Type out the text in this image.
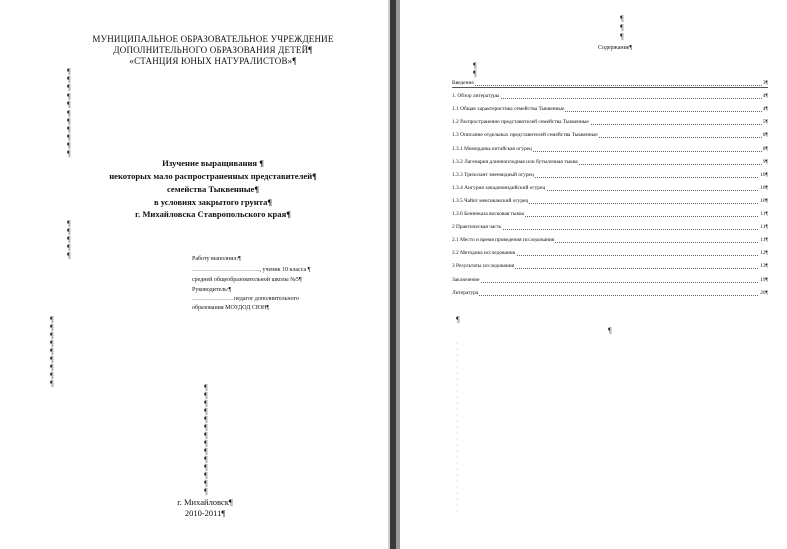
МУНИЦИПАЛЬНОЕ ОБРАЗОВАТЕЛЬНОЕ УЧРЕЖДЕНИЕ
ДОПОЛНИТЕЛЬНОГО ОБРАЗОВАНИЯ ДЕТЕЙ¶
«СТАНЦИЯ ЮНЫХ НАТУРАЛИСТОВ»¶
Изучение выращивания ¶
некоторых мало распространенных представителей¶
семейства Тыквенные¶
в условиях закрытого грунта¶
г. Михайловска Ставропольского края¶
Работу выполнил:¶
……………………………., ученик 10 класса ¶
средней общеобразовательной школы №5¶
Руководитель:¶
…………………педагог дополнительного
образования МОУДОД СЮН¶
г. Михайловск¶
2010-2011¶
¶
¶
¶
¶
¶
¶
¶
¶
¶
¶
¶
¶
¶
¶
¶
¶
¶
¶
¶
¶
¶
¶
¶
¶
¶	¶
¶
¶
¶
¶
¶
¶
¶
¶
¶
¶
¶
¶
¶
¶
¶
¶
Содержание¶
¶
¶
¶
¶
·
·
·
·
·
·
·
·
·
·
·
·
·
·
·
·
·
·
·
·
·
·
·
·
·
·
·
·
·
Введение	3¶
1. Обзор литературы	4¶
1.1 Общая характеристика семейства Тыквенные	4¶
1.2 Распространение представителей семейства Тыквенные	5¶
1.3 Описание отдельных представителей семейства Тыквенные	8¶
1.3.1 Момордика китайская огурец	8¶
1.3.2 Лагенария длинноплодная или бутылочная тыква	9¶
1.3.3 Трихозант змеевидный огурец	10¶
1.3.4 Ангурия западноиндийский огурец	10¶
1.3.5 Чайот мексиканский огурец	10¶
1.3.6 Бенинказа восковая тыква	11¶
2 Практическая часть	11¶
2.1 Место и время проведения исследования	11¶
2.2 Методика исследования	12¶
3 Результаты исследования	13¶
Заключение	19¶
Литература	20¶
